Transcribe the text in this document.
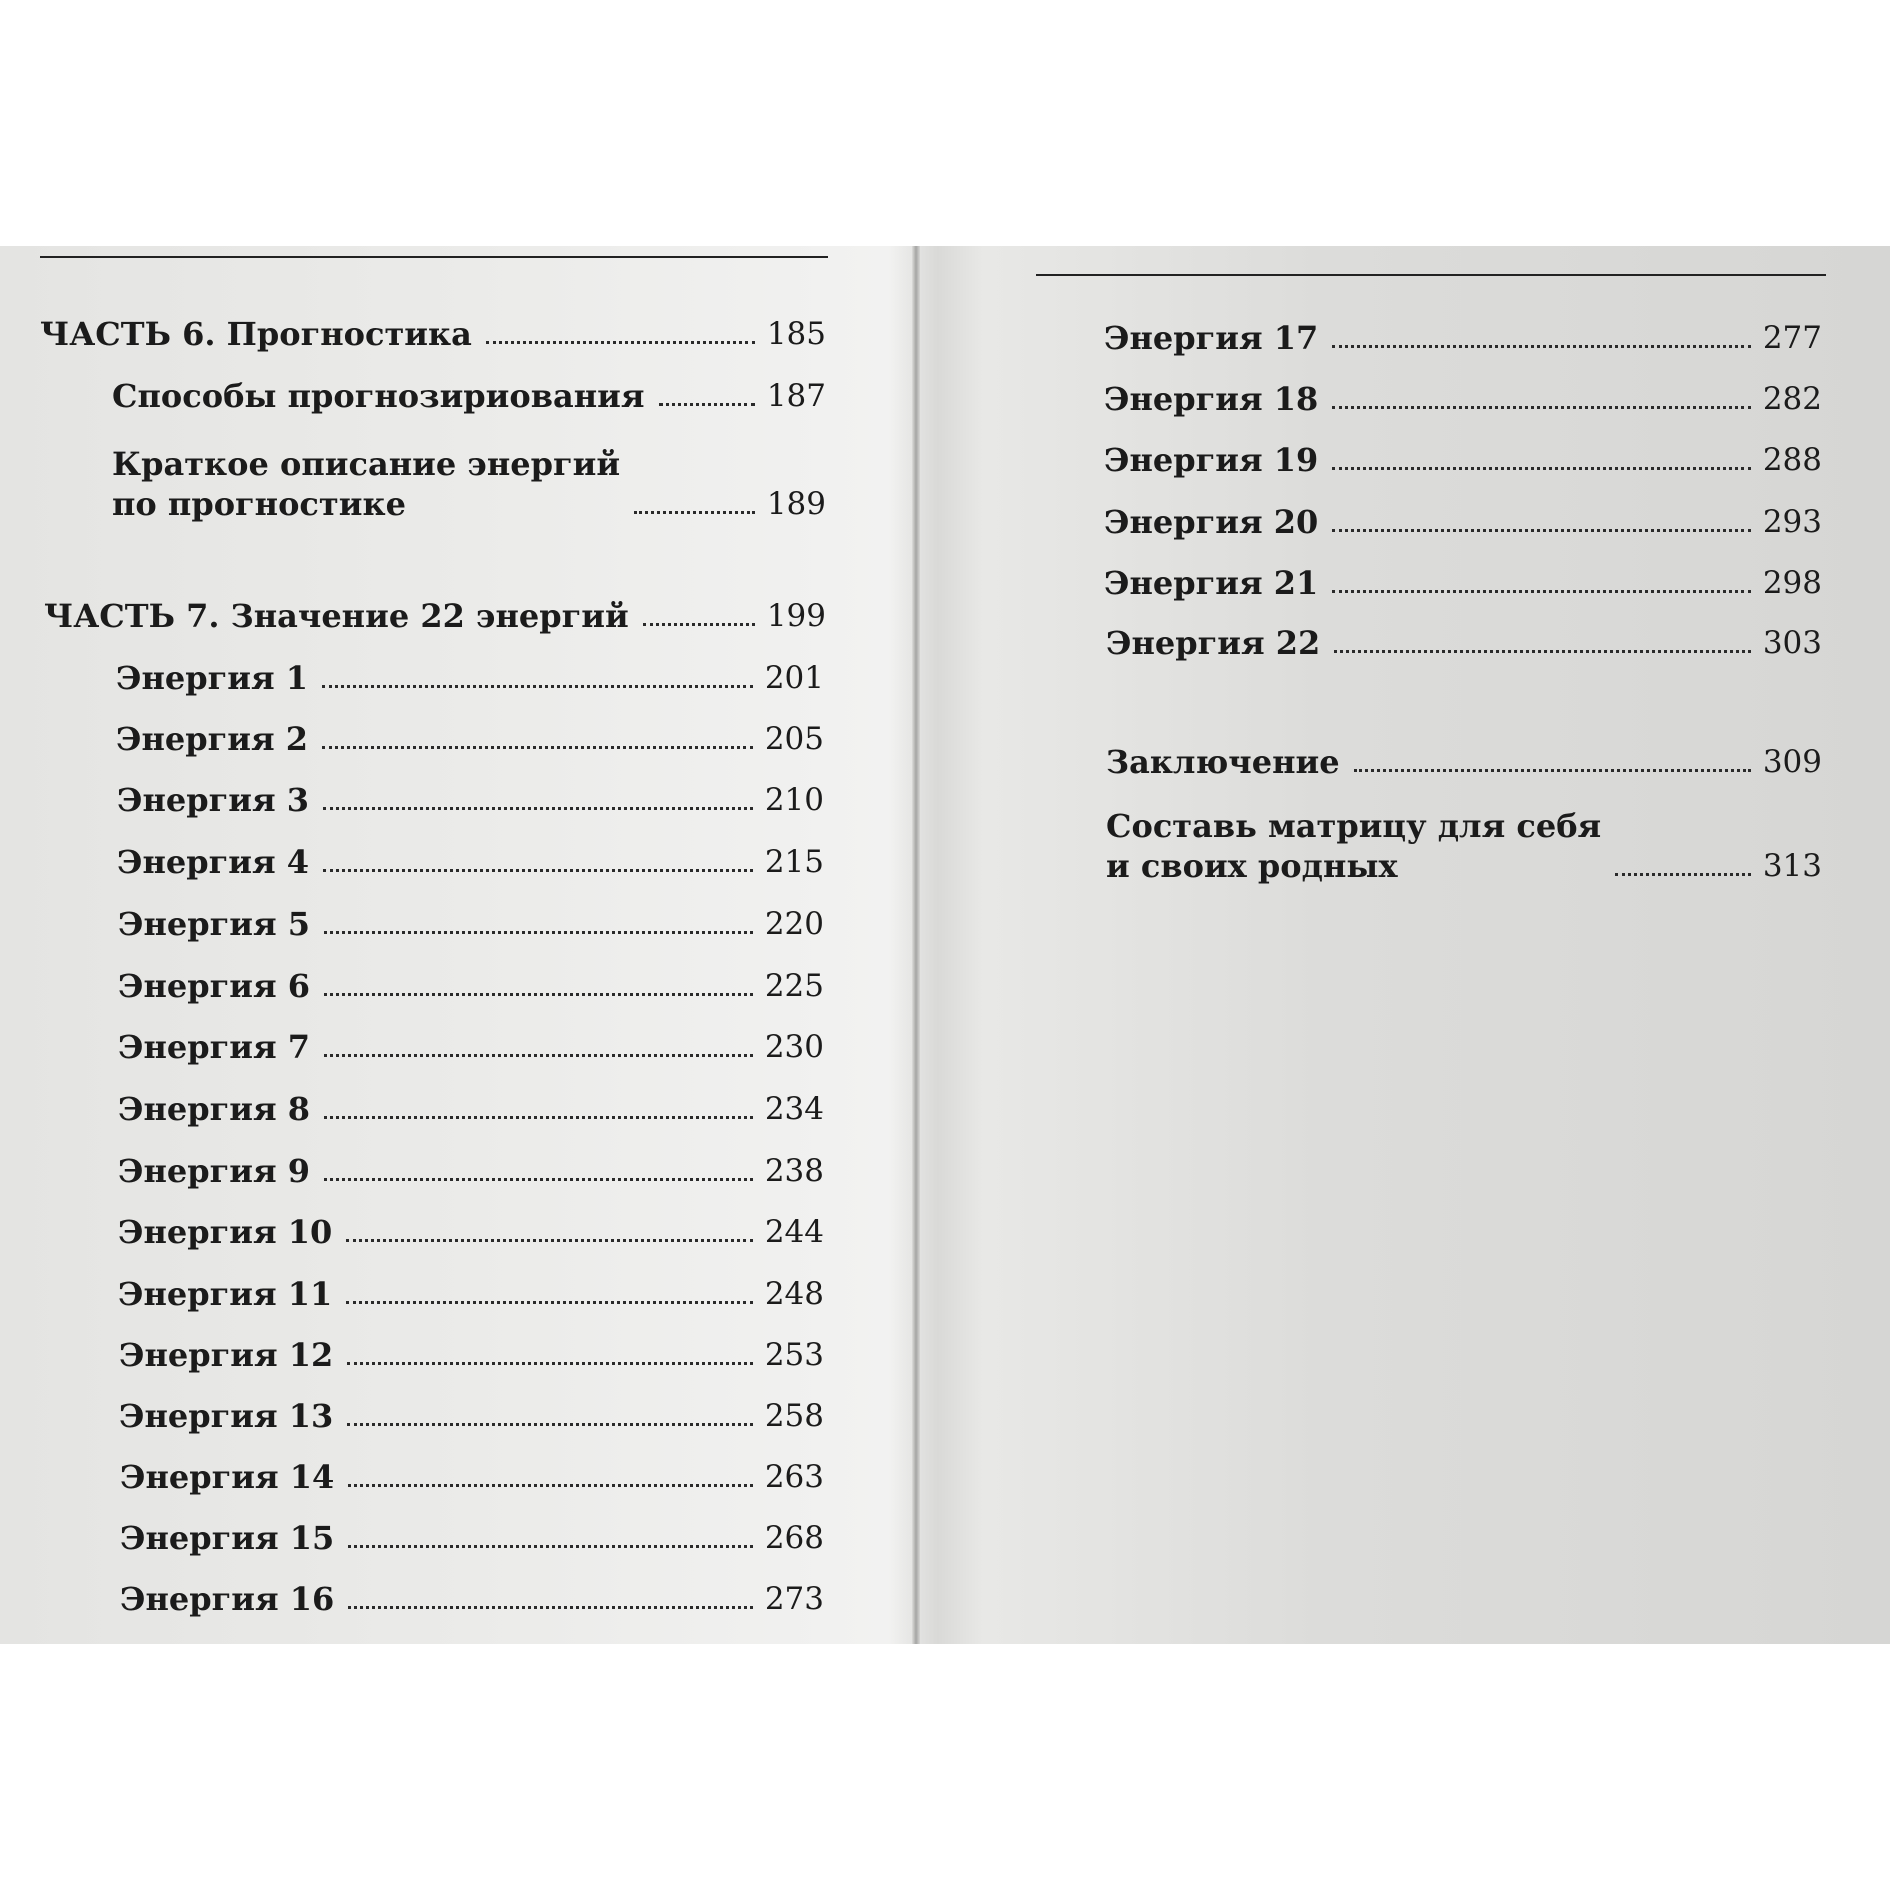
ЧАСТЬ 6. Прогностика	185
Способы прогнозириования	187
Краткое описание энергий
по прогностике	189
ЧАСТЬ 7. Значение 22 энергий	199
Энергия 1	201
Энергия 2	205
Энергия 3	210
Энергия 4	215
Энергия 5	220
Энергия 6	225
Энергия 7	230
Энергия 8	234
Энергия 9	238
Энергия 10	244
Энергия 11	248
Энергия 12	253
Энергия 13	258
Энергия 14	263
Энергия 15	268
Энергия 16	273
Энергия 17	277
Энергия 18	282
Энергия 19	288
Энергия 20	293
Энергия 21	298
Энергия 22	303
Заключение	309
Составь матрицу для себя
и своих родных	313
